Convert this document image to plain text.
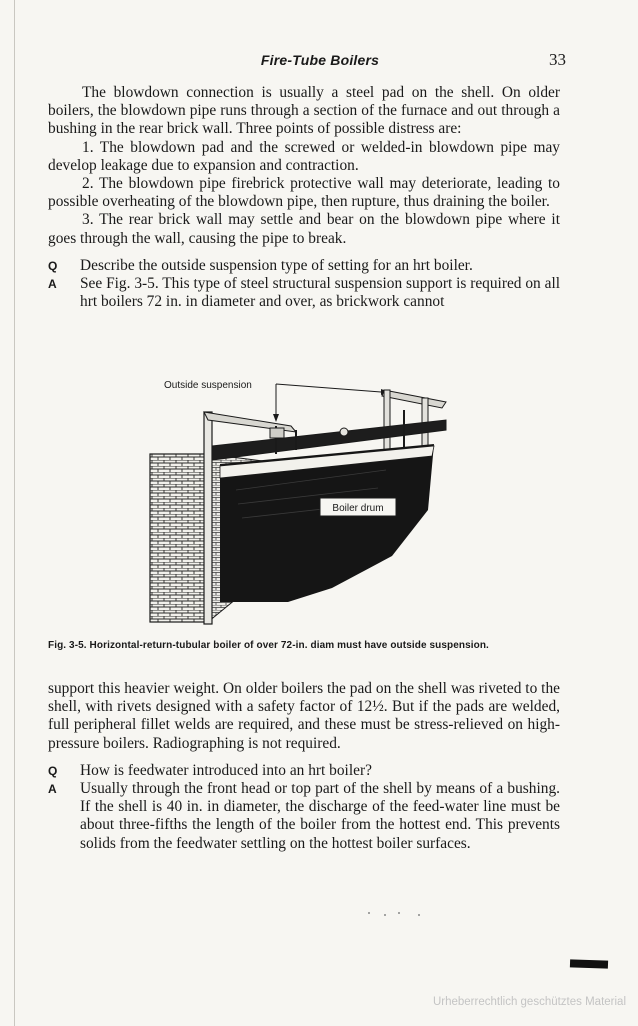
Fire-Tube Boilers	33

The blowdown connection is usually a steel pad on the shell. On older boilers, the blowdown pipe runs through a section of the furnace and out through a bushing in the rear brick wall. Three points of possible distress are:

1. The blowdown pad and the screwed or welded-in blowdown pipe may develop leakage due to expansion and contraction.

2. The blowdown pipe firebrick protective wall may deteriorate, leading to possible overheating of the blowdown pipe, then rupture, thus draining the boiler.

3. The rear brick wall may settle and bear on the blowdown pipe where it goes through the wall, causing the pipe to break.

Q	Describe the outside suspension type of setting for an hrt boiler.
A	See Fig. 3-5. This type of steel structural suspension support is required on all hrt boilers 72 in. in diameter and over, as brickwork cannot
Outside suspension
Boiler drum
Fig. 3-5. Horizontal-return-tubular boiler of over 72-in. diam must have outside suspension.

support this heavier weight. On older boilers the pad on the shell was riveted to the shell, with rivets designed with a safety factor of 12½. But if the pads are welded, full peripheral fillet welds are required, and these must be stress-relieved on high-pressure boilers. Radiographing is not required.

Q	How is feedwater introduced into an hrt boiler?
A	Usually through the front head or top part of the shell by means of a bushing. If the shell is 40 in. in diameter, the discharge of the feed-water line must be about three-fifths the length of the boiler from the hottest end. This prevents solids from the feedwater settling on the hottest boiler surfaces.
Urheberrechtlich geschütztes Material
